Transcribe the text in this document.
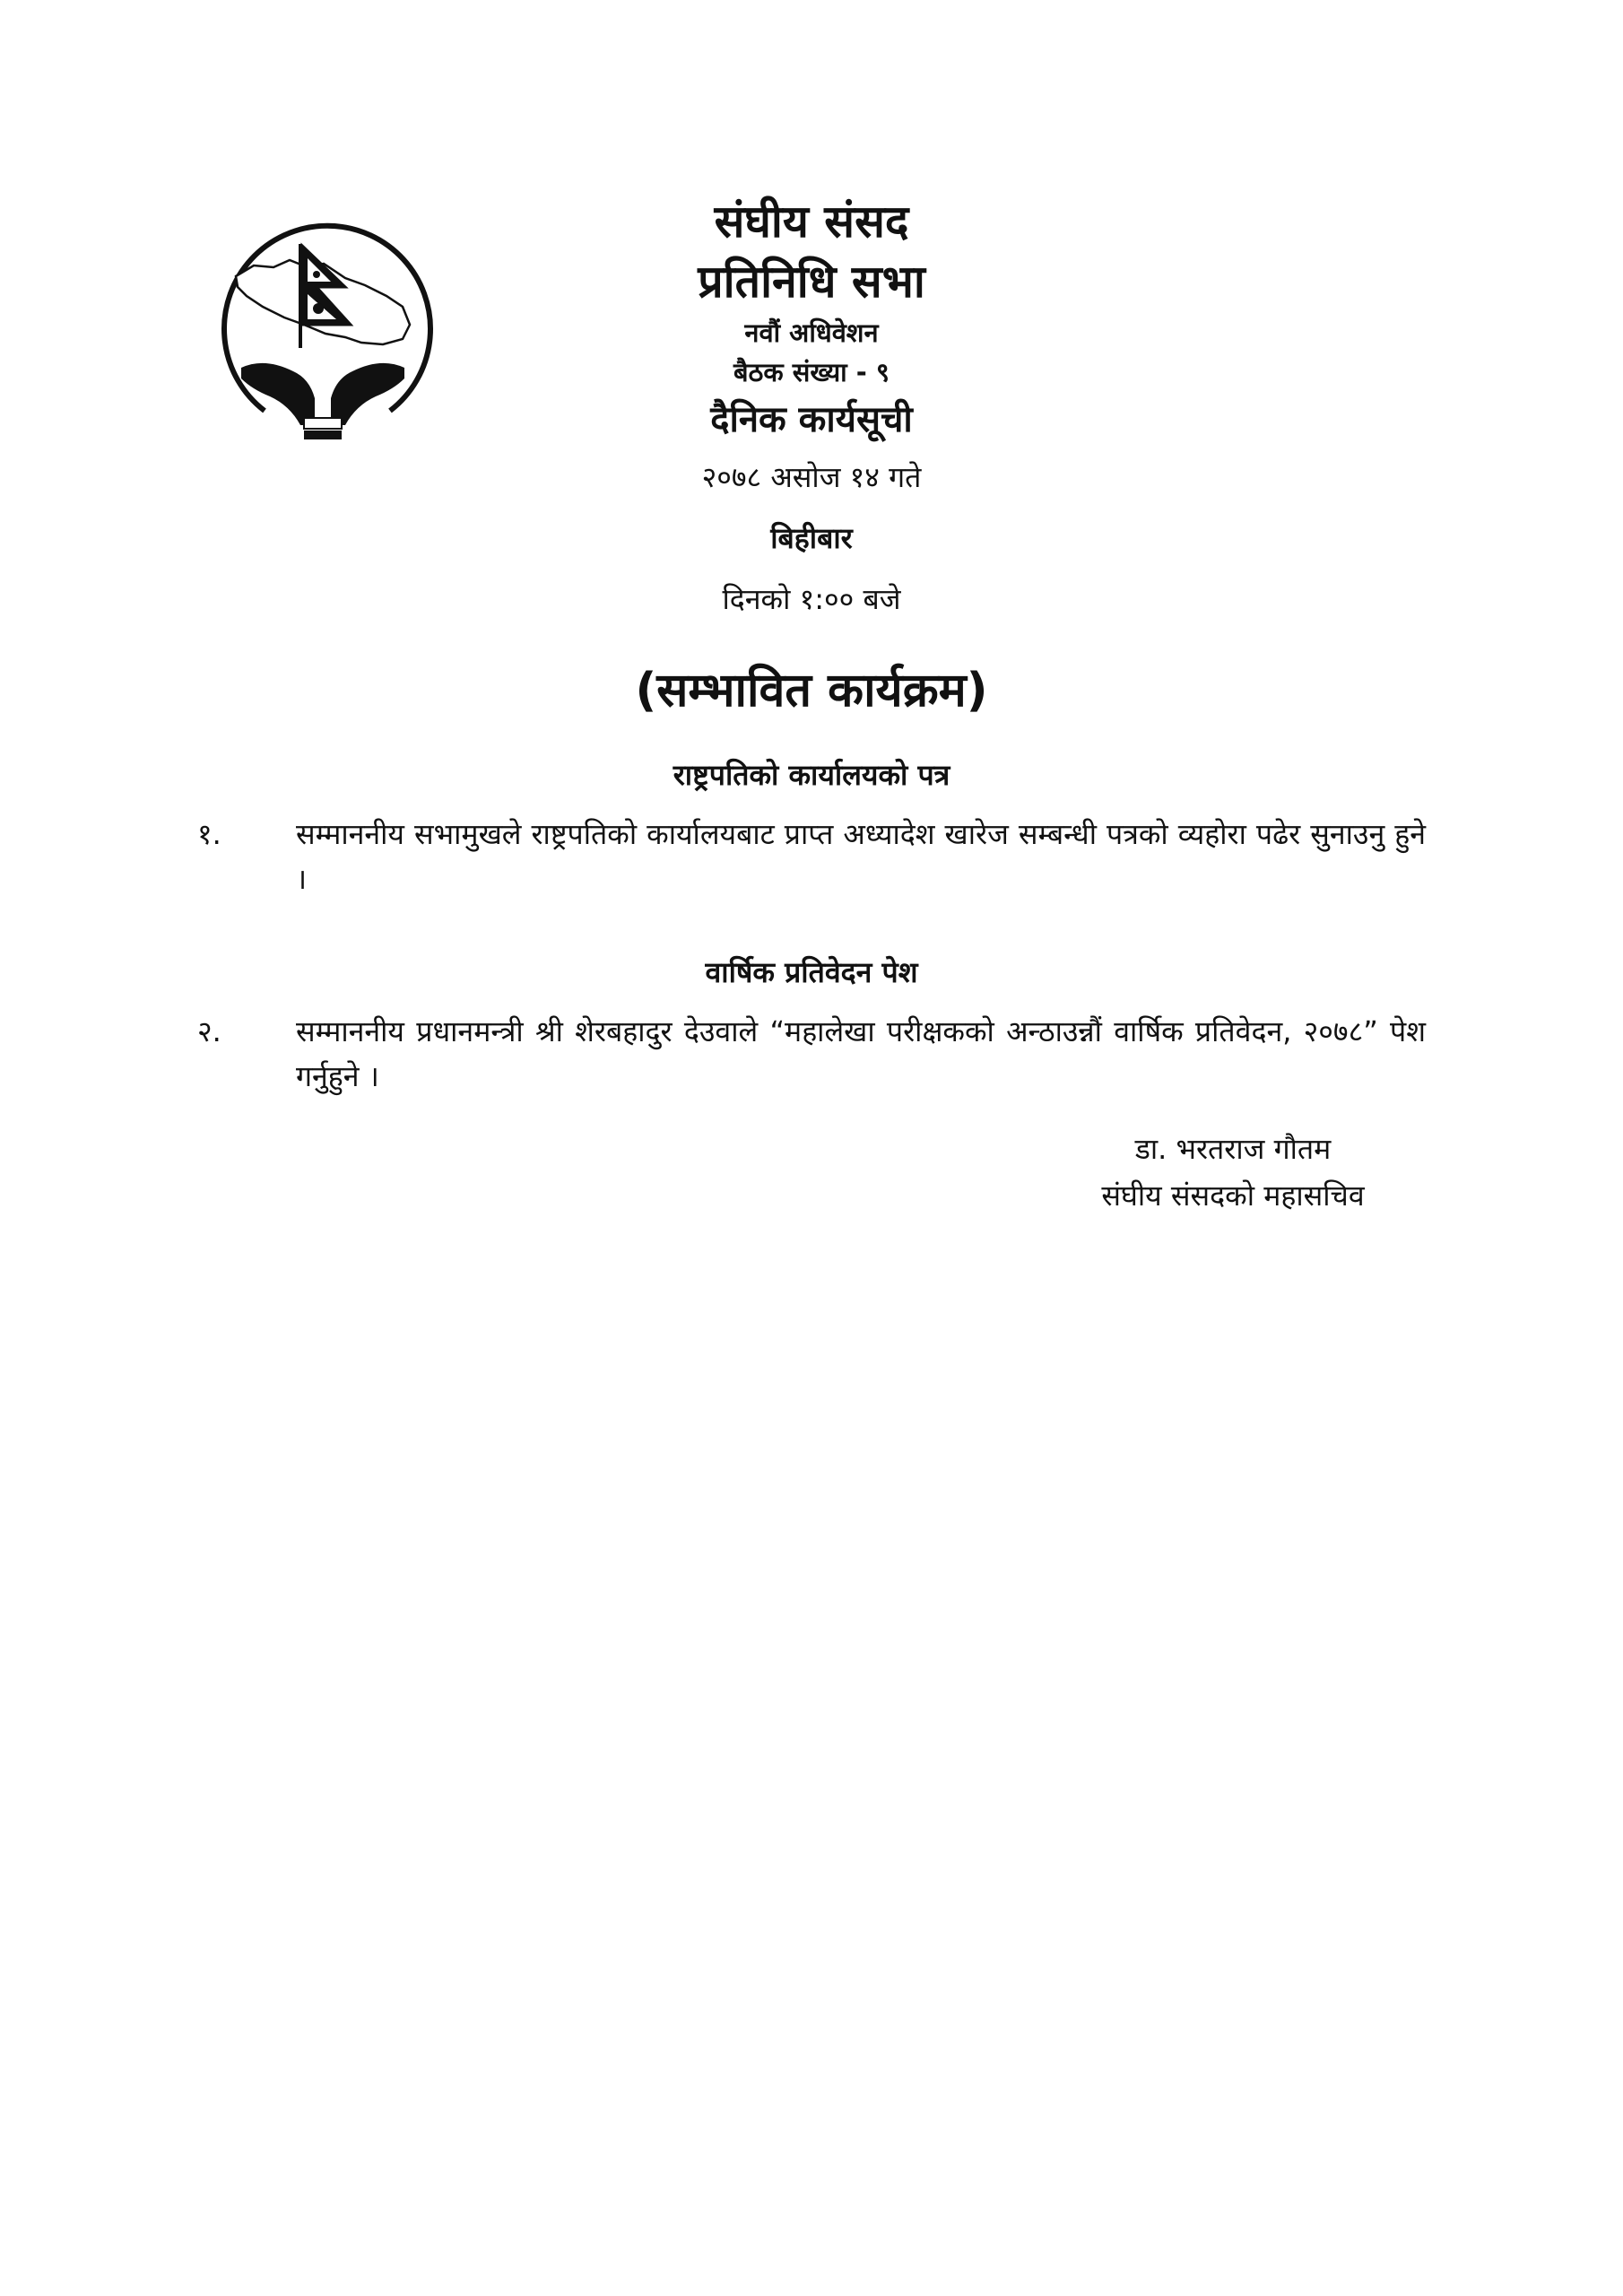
संघीय संसद
प्रतिनिधि सभा
नवौं अधिवेशन
बैठक संख्या - ९
दैनिक कार्यसूची
२०७८ असोज १४ गते
बिहीबार
दिनको १:०० बजे
(सम्भावित कार्यक्रम)
राष्ट्रपतिको कार्यालयको पत्र
१.	सम्माननीय सभामुखले राष्ट्रपतिको कार्यालयबाट प्राप्त अध्यादेश खारेज सम्बन्धी पत्रको व्यहोरा पढेर सुनाउनु हुने ।
वार्षिक प्रतिवेदन पेश
२.	सम्माननीय प्रधानमन्त्री श्री शेरबहादुर देउवाले “महालेखा परीक्षकको अन्ठाउन्नौं वार्षिक प्रतिवेदन, २०७८” पेश गर्नुहुने ।
डा. भरतराज गौतम
संघीय संसदको महासचिव
